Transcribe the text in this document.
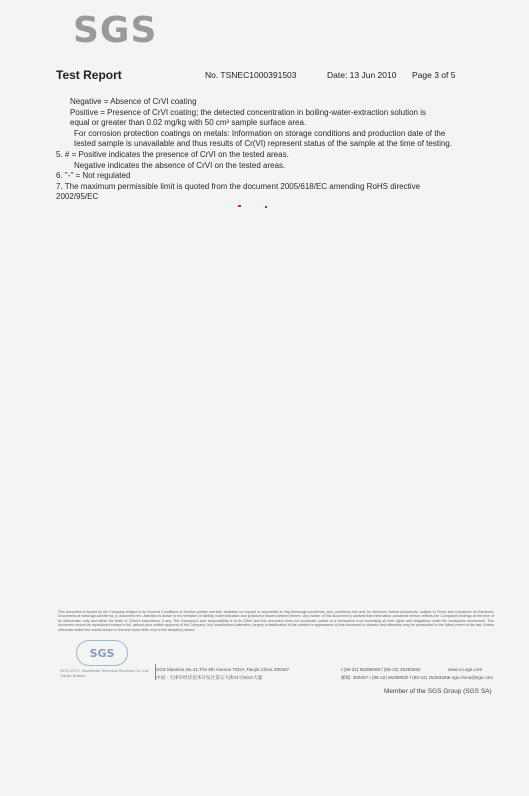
SGS
Test Report	No. TSNEC1000391503	Date: 13 Jun 2010 Page 3 of 5

Negative = Absence of CrVI coating

Positive = Presence of CrVI coating; the detected concentration in boiling-water-extraction solution is

equal or greater than 0.02 mg/kg with 50 cm² sample surface area.

For corrosion protection coatings on metals: Information on storage conditions and production date of the

tested sample is unavailable and thus results of Cr(VI) represent status of the sample at the time of testing.

5. # = Positive indicates the presence of CrVI on the tested areas.

Negative indicates the absence of CrVI on the tested areas.

6. "-" = Not regulated

7. The maximum permissible limit is quoted from the document 2005/618/EC amending RoHS directive

2002/95/EC

This document is issued by the Company subject to its General Conditions of Service printed overleaf, available on request or accessible at http://www.sgs.com/terms_and_conditions.htm and, for electronic format documents, subject to Terms and Conditions for Electronic Documents at www.sgs.com/terms_e-document.htm. Attention is drawn to the limitation of liability, indemnification and jurisdiction issues defined therein. Any holder of this document is advised that information contained hereon reflects the Company's findings at the time of its intervention only and within the limits of Client's instructions, if any. The Company's sole responsibility is to its Client and this document does not exonerate parties to a transaction from exercising all their rights and obligations under the transaction documents. This document cannot be reproduced except in full, without prior written approval of the Company. Any unauthorized alteration, forgery or falsification of the content or appearance of this document is unlawful and offenders may be prosecuted to the fullest extent of the law. Unless otherwise stated the results shown in this test report refer only to the sample(s) tested.
SGS
SGS-CSTC Standards Technical Services Co.,Ltd.
Tianjin Branch
SGS Mansion,No.41,The 5th Avenue TEDA,Tianjin,China 300457
中国 · 天津市经济技术开发区第五大街41号SGS大厦
t (86-22) 65288000 f (86-22) 25293262
邮编: 300457 t (86-22) 65288000 f (86-22) 25293262
www.cn.sgs.com
e sgs.china@sgs.com
Member of the SGS Group (SGS SA)
